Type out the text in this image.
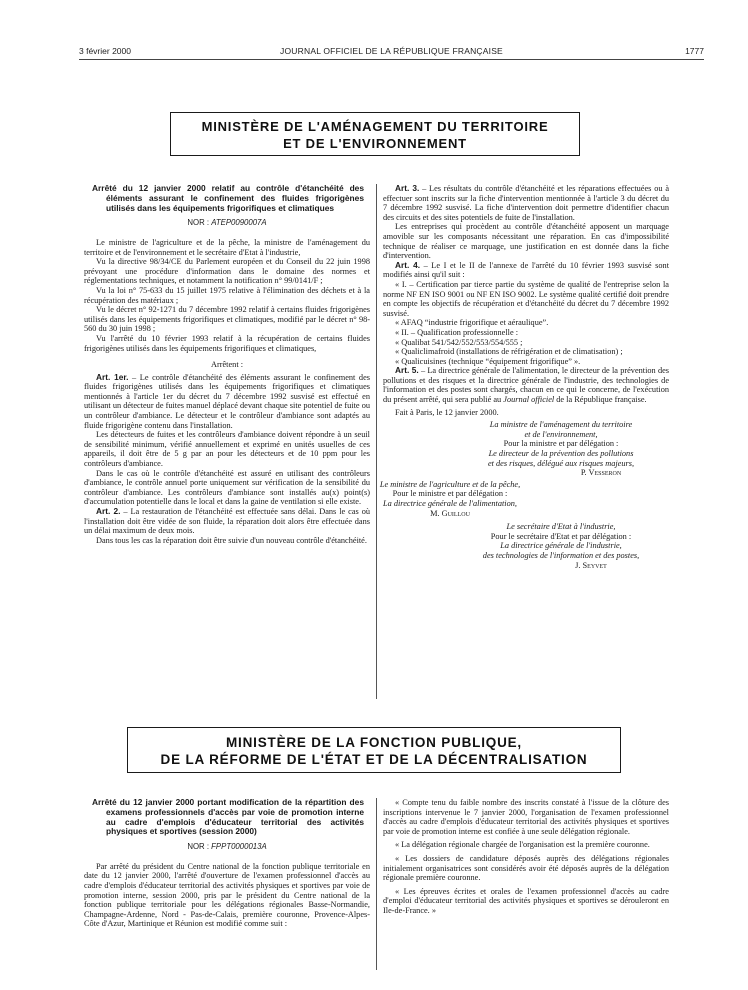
3 février 2000	JOURNAL OFFICIEL DE LA RÉPUBLIQUE FRANÇAISE	1777
MINISTÈRE DE L'AMÉNAGEMENT DU TERRITOIRE
ET DE L'ENVIRONNEMENT
Arrêté du 12 janvier 2000 relatif au contrôle d'étanchéité des éléments assurant le confinement des fluides frigorigènes utilisés dans les équipements frigorifiques et climatiques
NOR : ATEP0090007A

Le ministre de l'agriculture et de la pêche, la ministre de l'aménagement du territoire et de l'environnement et le secrétaire d'Etat à l'industrie,

Vu la directive 98/34/CE du Parlement européen et du Conseil du 22 juin 1998 prévoyant une procédure d'information dans le domaine des normes et réglementations techniques, et notamment la notification n° 99/0141/F ;

Vu la loi n° 75-633 du 15 juillet 1975 relative à l'élimination des déchets et à la récupération des matériaux ;

Vu le décret n° 92-1271 du 7 décembre 1992 relatif à certains fluides frigorigènes utilisés dans les équipements frigorifiques et climatiques, modifié par le décret n° 98-560 du 30 juin 1998 ;

Vu l'arrêté du 10 février 1993 relatif à la récupération de certains fluides frigorigènes utilisés dans les équipements frigorifiques et climatiques,

Arrêtent :

Art. 1er. – Le contrôle d'étanchéité des éléments assurant le confinement des fluides frigorigènes utilisés dans les équipements frigorifiques et climatiques mentionnés à l'article 1er du décret du 7 décembre 1992 susvisé est effectué en utilisant un détecteur de fuites manuel déplacé devant chaque site potentiel de fuite ou un contrôleur d'ambiance. Le détecteur et le contrôleur d'ambiance sont adaptés au fluide frigorigène contenu dans l'installation.

Les détecteurs de fuites et les contrôleurs d'ambiance doivent répondre à un seuil de sensibilité minimum, vérifié annuellement et exprimé en unités usuelles de ces appareils, il doit être de 5 g par an pour les détecteurs et de 10 ppm pour les contrôleurs d'ambiance.

Dans le cas où le contrôle d'étanchéité est assuré en utilisant des contrôleurs d'ambiance, le contrôle annuel porte uniquement sur vérification de la sensibilité du contrôleur d'ambiance. Les contrôleurs d'ambiance sont installés au(x) point(s) d'accumulation potentielle dans le local et dans la gaine de ventilation si elle existe.

Art. 2. – La restauration de l'étanchéité est effectuée sans délai. Dans le cas où l'installation doit être vidée de son fluide, la réparation doit alors être effectuée dans un délai maximum de deux mois.

Dans tous les cas la réparation doit être suivie d'un nouveau contrôle d'étanchéité.

Art. 3. – Les résultats du contrôle d'étanchéité et les réparations effectuées ou à effectuer sont inscrits sur la fiche d'intervention mentionnée à l'article 3 du décret du 7 décembre 1992 susvisé. La fiche d'intervention doit permettre d'identifier chacun des circuits et des sites potentiels de fuite de l'installation.

Les entreprises qui procèdent au contrôle d'étanchéité apposent un marquage amovible sur les composants nécessitant une réparation. En cas d'impossibilité technique de réaliser ce marquage, une justification en est donnée dans la fiche d'intervention.

Art. 4. – Le I et le II de l'annexe de l'arrêté du 10 février 1993 susvisé sont modifiés ainsi qu'il suit :

« I. – Certification par tierce partie du système de qualité de l'entreprise selon la norme NF EN ISO 9001 ou NF EN ISO 9002. Le système qualité certifié doit prendre en compte les objectifs de récupération et d'étanchéité du décret du 7 décembre 1992 susvisé.

« AFAQ “industrie frigorifique et aéraulique”.

« II. – Qualification professionnelle :

« Qualibat 541/542/552/553/554/555 ;

« Qualiclimafroid (installations de réfrigération et de climatisation) ;

« Qualicuisines (technique “équipement frigorifique” ».

Art. 5. – La directrice générale de l'alimentation, le directeur de la prévention des pollutions et des risques et la directrice générale de l'industrie, des technologies de l'information et des postes sont chargés, chacun en ce qui le concerne, de l'exécution du présent arrêté, qui sera publié au Journal officiel de la République française.

Fait à Paris, le 12 janvier 2000.

La ministre de l'aménagement du territoire
et de l'environnement,
Pour la ministre et par délégation :
Le directeur de la prévention des pollutions
et des risques, délégué aux risques majeurs,
P. Vesseron
Le ministre de l'agriculture et de la pêche,
Pour le ministre et par délégation :
La directrice générale de l'alimentation,
M. Guillou
Le secrétaire d'Etat à l'industrie,
Pour le secrétaire d'Etat et par délégation :
La directrice générale de l'industrie,
des technologies de l'information et des postes,
J. Seyvet
MINISTÈRE DE LA FONCTION PUBLIQUE,
DE LA RÉFORME DE L'ÉTAT ET DE LA DÉCENTRALISATION
Arrêté du 12 janvier 2000 portant modification de la répartition des examens professionnels d'accès par voie de promotion interne au cadre d'emplois d'éducateur territorial des activités physiques et sportives (session 2000)
NOR : FPPT0000013A

Par arrêté du président du Centre national de la fonction publique territoriale en date du 12 janvier 2000, l'arrêté d'ouverture de l'examen professionnel d'accès au cadre d'emplois d'éducateur territorial des activités physiques et sportives par voie de promotion interne, session 2000, pris par le président du Centre national de la fonction publique territoriale pour les délégations régionales Basse-Normandie, Champagne-Ardenne, Nord - Pas-de-Calais, première couronne, Provence-Alpes-Côte d'Azur, Martinique et Réunion est modifié comme suit :

« Compte tenu du faible nombre des inscrits constaté à l'issue de la clôture des inscriptions intervenue le 7 janvier 2000, l'organisation de l'examen professionnel d'accès au cadre d'emplois d'éducateur territorial des activités physiques et sportives par voie de promotion interne est confiée à une seule délégation régionale.

« La délégation régionale chargée de l'organisation est la première couronne.

« Les dossiers de candidature déposés auprès des délégations régionales initialement organisatrices sont considérés avoir été déposés auprès de la délégation régionale première couronne.

« Les épreuves écrites et orales de l'examen professionnel d'accès au cadre d'emploi d'éducateur territorial des activités physiques et sportives se dérouleront en Ile-de-France. »
